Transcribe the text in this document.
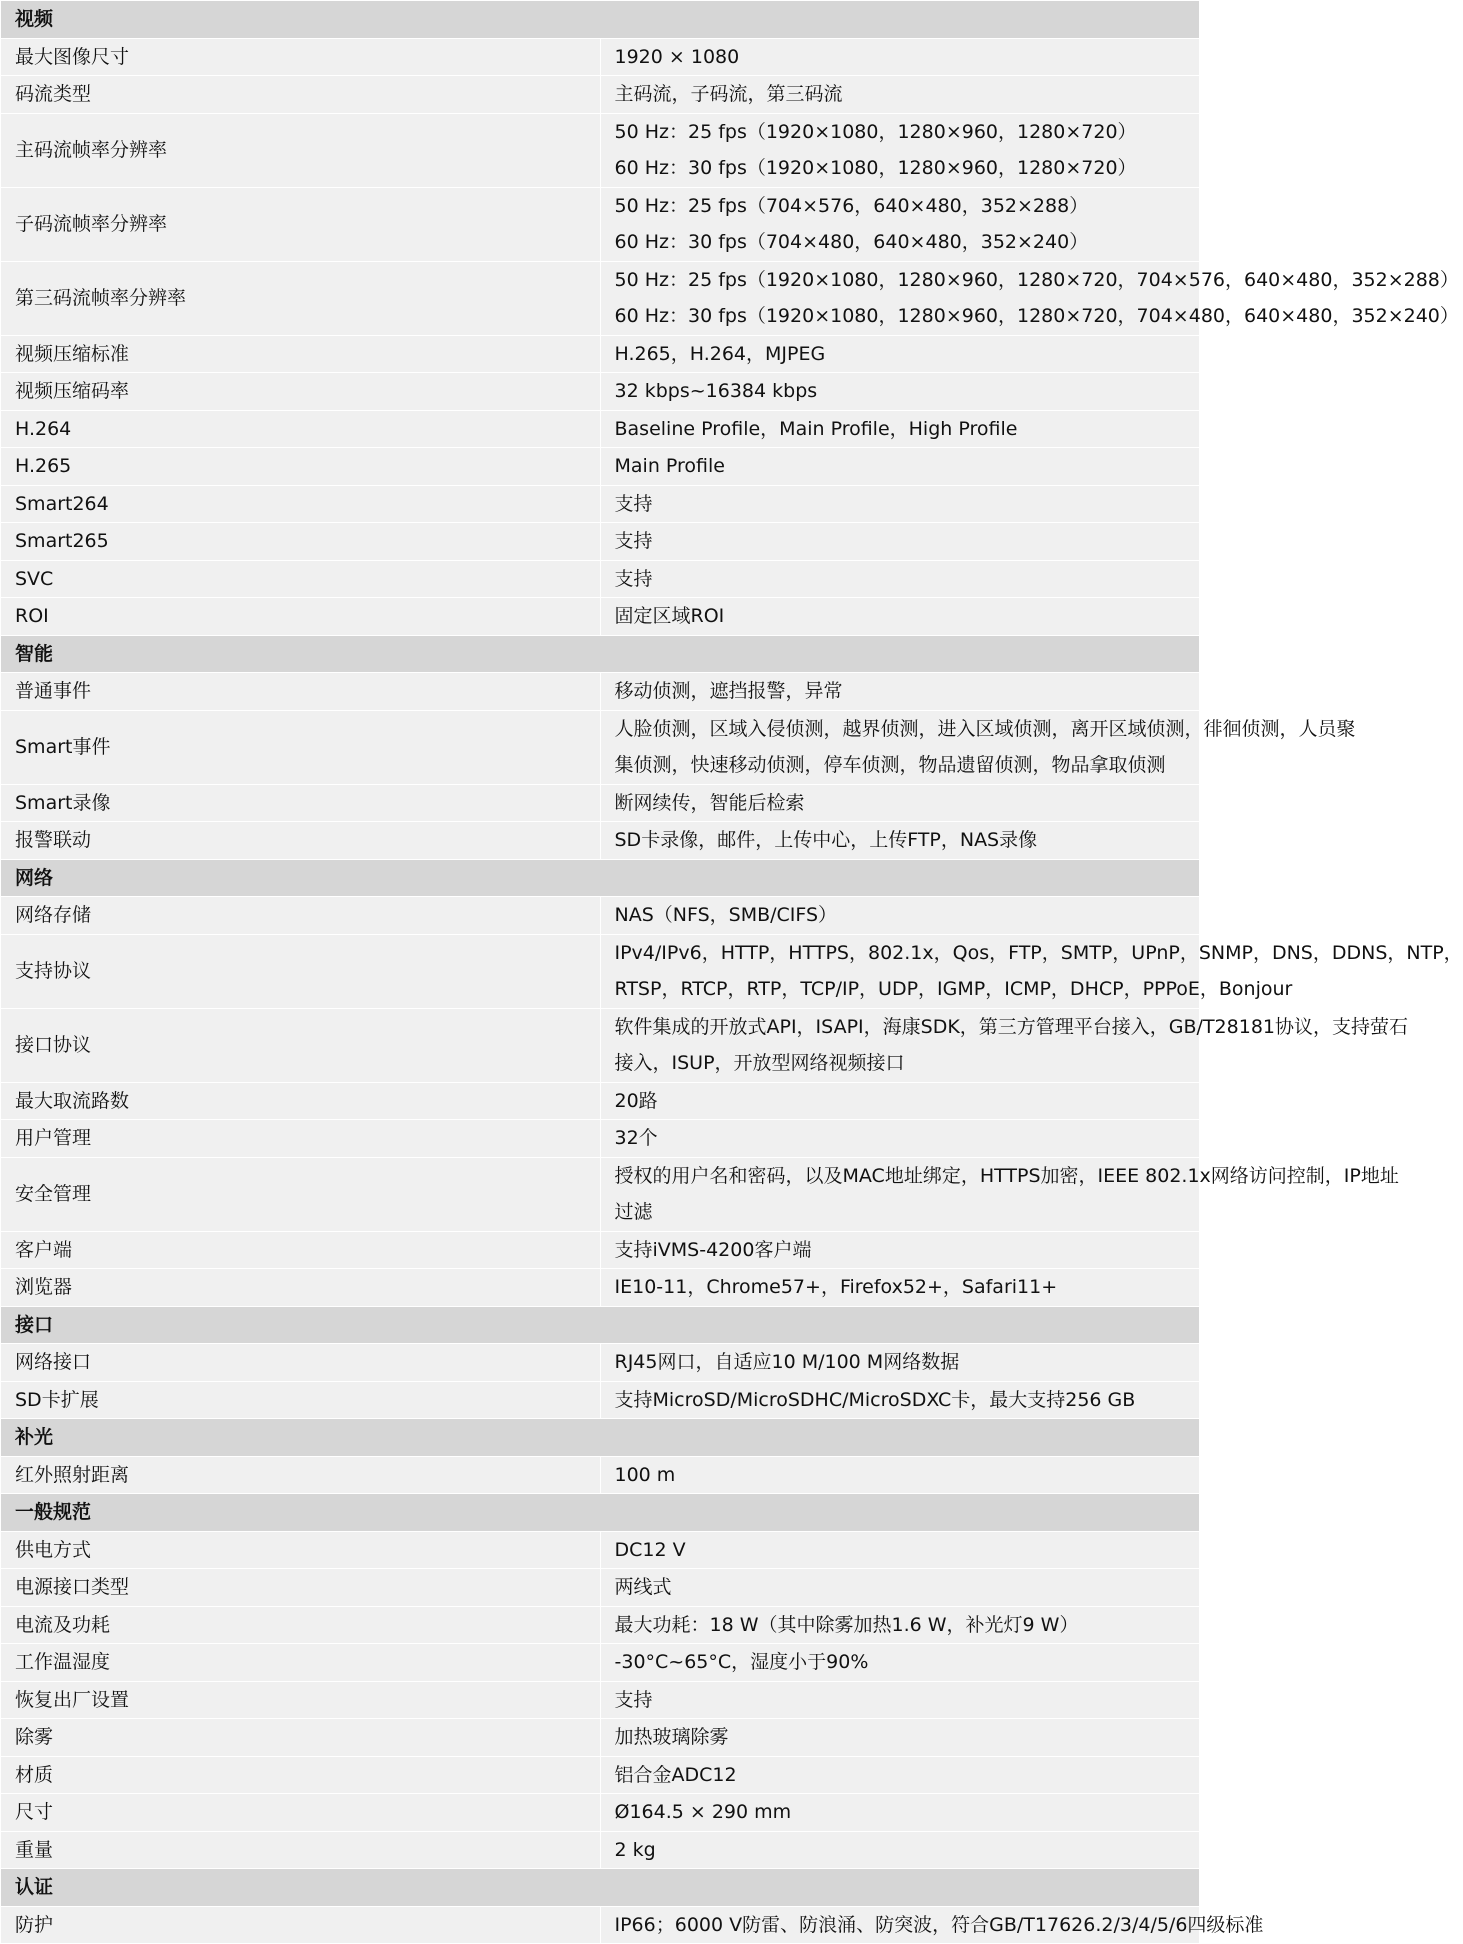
视频	
最大图像尺寸	1920 × 1080

码流类型	主码流，子码流，第三码流

主码流帧率分辨率	50 Hz：25 fps（1920×1080，1280×960，1280×720）
60 Hz：30 fps（1920×1080，1280×960，1280×720）

子码流帧率分辨率	50 Hz：25 fps（704×576，640×480，352×288）
60 Hz：30 fps（704×480，640×480，352×240）

第三码流帧率分辨率	50 Hz：25 fps（1920×1080，1280×960，1280×720，704×576，640×480，352×288）
60 Hz：30 fps（1920×1080，1280×960，1280×720，704×480，640×480，352×240）

视频压缩标准	H.265，H.264，MJPEG

视频压缩码率	32 kbps~16384 kbps

H.264	Baseline Profile，Main Profile，High Profile

H.265	Main Profile

Smart264	支持

Smart265	支持

SVC	支持

ROI	固定区域ROI

智能	
普通事件	移动侦测，遮挡报警，异常

Smart事件	人脸侦测，区域入侵侦测，越界侦测，进入区域侦测，离开区域侦测，徘徊侦测，人员聚
集侦测，快速移动侦测，停车侦测，物品遗留侦测，物品拿取侦测

Smart录像	断网续传，智能后检索

报警联动	SD卡录像，邮件，上传中心，上传FTP，NAS录像

网络	
网络存储	NAS（NFS，SMB/CIFS）

支持协议	IPv4/IPv6，HTTP，HTTPS，802.1x，Qos，FTP，SMTP，UPnP，SNMP，DNS，DDNS，NTP，
RTSP，RTCP，RTP，TCP/IP，UDP，IGMP，ICMP，DHCP，PPPoE，Bonjour

接口协议	软件集成的开放式API，ISAPI，海康SDK，第三方管理平台接入，GB/T28181协议，支持萤石
接入，ISUP，开放型网络视频接口

最大取流路数	20路

用户管理	32个

安全管理	授权的用户名和密码，以及MAC地址绑定，HTTPS加密，IEEE 802.1x网络访问控制，IP地址
过滤

客户端	支持iVMS-4200客户端

浏览器	IE10-11，Chrome57+，Firefox52+，Safari11+

接口	
网络接口	RJ45网口，自适应10 M/100 M网络数据

SD卡扩展	支持MicroSD/MicroSDHC/MicroSDXC卡，最大支持256 GB

补光	
红外照射距离	100 m

一般规范	
供电方式	DC12 V

电源接口类型	两线式

电流及功耗	最大功耗：18 W（其中除雾加热1.6 W，补光灯9 W）

工作温湿度	-30°C~65°C，湿度小于90%

恢复出厂设置	支持

除雾	加热玻璃除雾

材质	铝合金ADC12

尺寸	Ø164.5 × 290 mm

重量	2 kg

认证	
防护	IP66；6000 V防雷、防浪涌、防突波，符合GB/T17626.2/3/4/5/6四级标准
